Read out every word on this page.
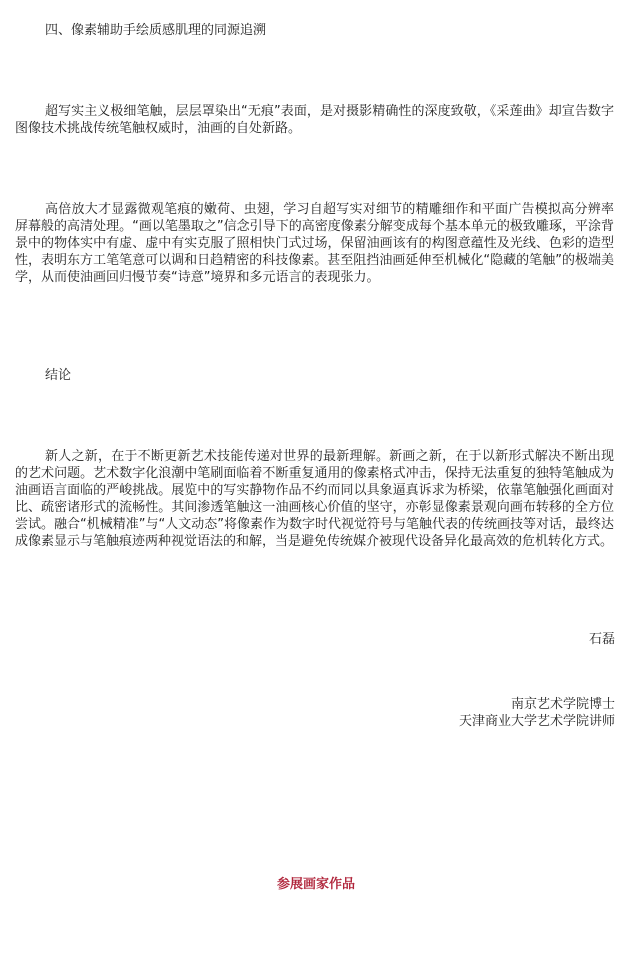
四、像素辅助手绘质感肌理的同源追溯

超写实主义极细笔触，层层罩染出“无痕”表面，是对摄影精确性的深度致敬，《采莲曲》却宣告数字图像技术挑战传统笔触权威时，油画的自处新路。

高倍放大才显露微观笔痕的嫩荷、虫翅，学习自超写实对细节的精雕细作和平面广告模拟高分辨率屏幕般的高清处理。“画以笔墨取之”信念引导下的高密度像素分解变成每个基本单元的极致雕琢，平涂背景中的物体实中有虚、虚中有实克服了照相快门式过场，保留油画该有的构图意蕴性及光线、色彩的造型性，表明东方工笔笔意可以调和日趋精密的科技像素。甚至阻挡油画延伸至机械化“隐藏的笔触”的极端美学，从而使油画回归慢节奏“诗意”境界和多元语言的表现张力。

结论

新人之新，在于不断更新艺术技能传递对世界的最新理解。新画之新，在于以新形式解决不断出现的艺术问题。艺术数字化浪潮中笔刷面临着不断重复通用的像素格式冲击，保持无法重复的独特笔触成为油画语言面临的严峻挑战。展览中的写实静物作品不约而同以具象逼真诉求为桥梁，依靠笔触强化画面对比、疏密诸形式的流畅性。其间渗透笔触这一油画核心价值的坚守，亦彰显像素景观向画布转移的全方位尝试。融合“机械精准”与“人文动态”将像素作为数字时代视觉符号与笔触代表的传统画技等对话，最终达成像素显示与笔触痕迹两种视觉语法的和解，当是避免传统媒介被现代设备异化最高效的危机转化方式。

石磊

南京艺术学院博士
天津商业大学艺术学院讲师

参展画家作品
